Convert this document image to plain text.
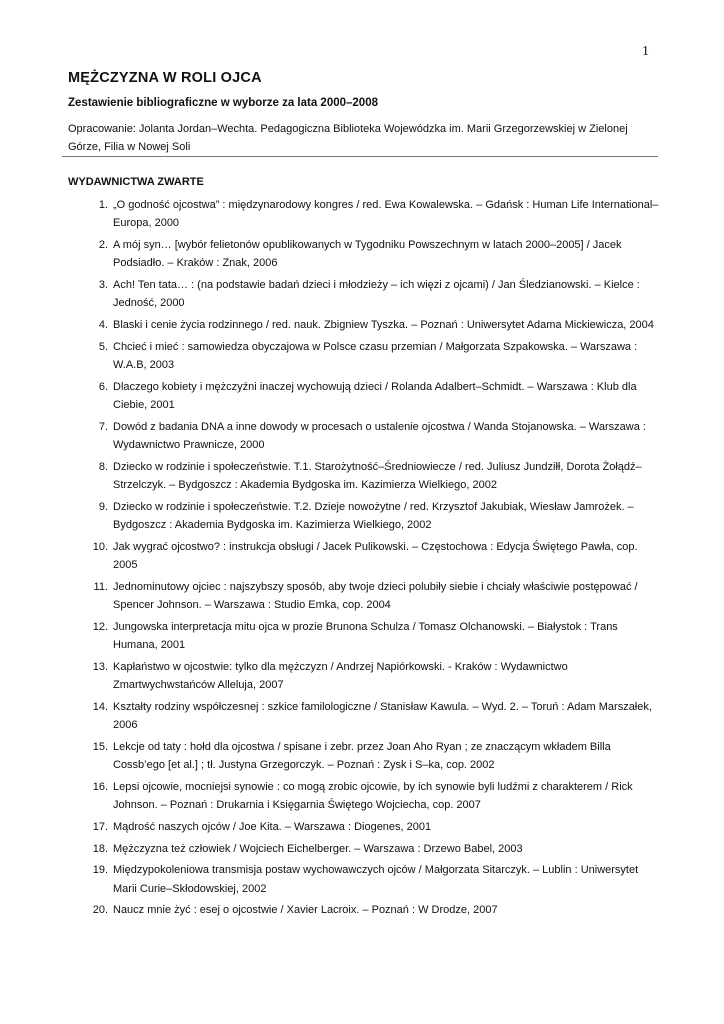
1
MĘŻCZYZNA W ROLI OJCA
Zestawienie bibliograficzne w wyborze za lata 2000–2008
Opracowanie: Jolanta Jordan–Wechta. Pedagogiczna Biblioteka Wojewódzka im. Marii Grzegorzewskiej w Zielonej Górze, Filia w Nowej Soli
WYDAWNICTWA ZWARTE
1. „O godność ojcostwa” : międzynarodowy kongres / red. Ewa Kowalewska. – Gdańsk : Human Life International–Europa, 2000
2. A mój syn… [wybór felietonów opublikowanych w Tygodniku Powszechnym w latach 2000–2005] / Jacek Podsiadło. – Kraków : Znak, 2006
3. Ach! Ten tata… : (na podstawie badań dzieci i młodzieży – ich więzi z ojcami) / Jan Śledzianowski. – Kielce : Jedność, 2000
4. Blaski i cenie życia rodzinnego / red. nauk. Zbigniew Tyszka. – Poznań : Uniwersytet Adama Mickiewicza, 2004
5. Chcieć i mieć : samowiedza obyczajowa w Polsce czasu przemian / Małgorzata Szpakowska. – Warszawa : W.A.B, 2003
6. Dlaczego kobiety i mężczyźni inaczej wychowują dzieci / Rolanda Adalbert–Schmidt. – Warszawa : Klub dla Ciebie, 2001
7. Dowód z badania DNA a inne dowody w procesach o ustalenie ojcostwa / Wanda Stojanowska. – Warszawa : Wydawnictwo Prawnicze, 2000
8. Dziecko w rodzinie i społeczeństwie. T.1. Starożytność–Średniowiecze / red. Juliusz Jundziłł, Dorota Żołądź–Strzelczyk. – Bydgoszcz : Akademia Bydgoska im. Kazimierza Wielkiego, 2002
9. Dziecko w rodzinie i społeczeństwie. T.2. Dzieje nowożytne / red. Krzysztof Jakubiak, Wiesław Jamrożek. – Bydgoszcz : Akademia Bydgoska im. Kazimierza Wielkiego, 2002
10. Jak wygrać ojcostwo? : instrukcja obsługi / Jacek Pulikowski. – Częstochowa : Edycja Świętego Pawła, cop. 2005
11. Jednominutowy ojciec : najszybszy sposób, aby twoje dzieci polubiły siebie i chciały właściwie postępować / Spencer Johnson. – Warszawa : Studio Emka, cop. 2004
12. Jungowska interpretacja mitu ojca w prozie Brunona Schulza / Tomasz Olchanowski. – Białystok : Trans Humana, 2001
13. Kapłaństwo w ojcostwie: tylko dla mężczyzn / Andrzej Napiórkowski. - Kraków : Wydawnictwo Zmartwychwstańców Alleluja, 2007
14. Kształty rodziny współczesnej : szkice familologiczne / Stanisław Kawula. – Wyd. 2. – Toruń : Adam Marszałek, 2006
15. Lekcje od taty : hołd dla ojcostwa / spisane i zebr. przez Joan Aho Ryan ; ze znaczącym wkładem Billa Cossb’ego [et al.] ; tł. Justyna Grzegorczyk. – Poznań : Zysk i S–ka, cop. 2002
16. Lepsi ojcowie, mocniejsi synowie : co mogą zrobic ojcowie, by ich synowie byli ludźmi z charakterem / Rick Johnson. – Poznań : Drukarnia i Księgarnia Świętego Wojciecha, cop. 2007
17. Mądrość naszych ojców / Joe Kita. – Warszawa : Diogenes, 2001
18. Mężczyzna też człowiek / Wojciech Eichelberger. – Warszawa : Drzewo Babel, 2003
19. Międzypokoleniowa transmisja postaw wychowawczych ojców / Małgorzata Sitarczyk. – Lublin : Uniwersytet Marii Curie–Skłodowskiej, 2002
20. Naucz mnie żyć : esej o ojcostwie / Xavier Lacroix. – Poznań : W Drodze, 2007
